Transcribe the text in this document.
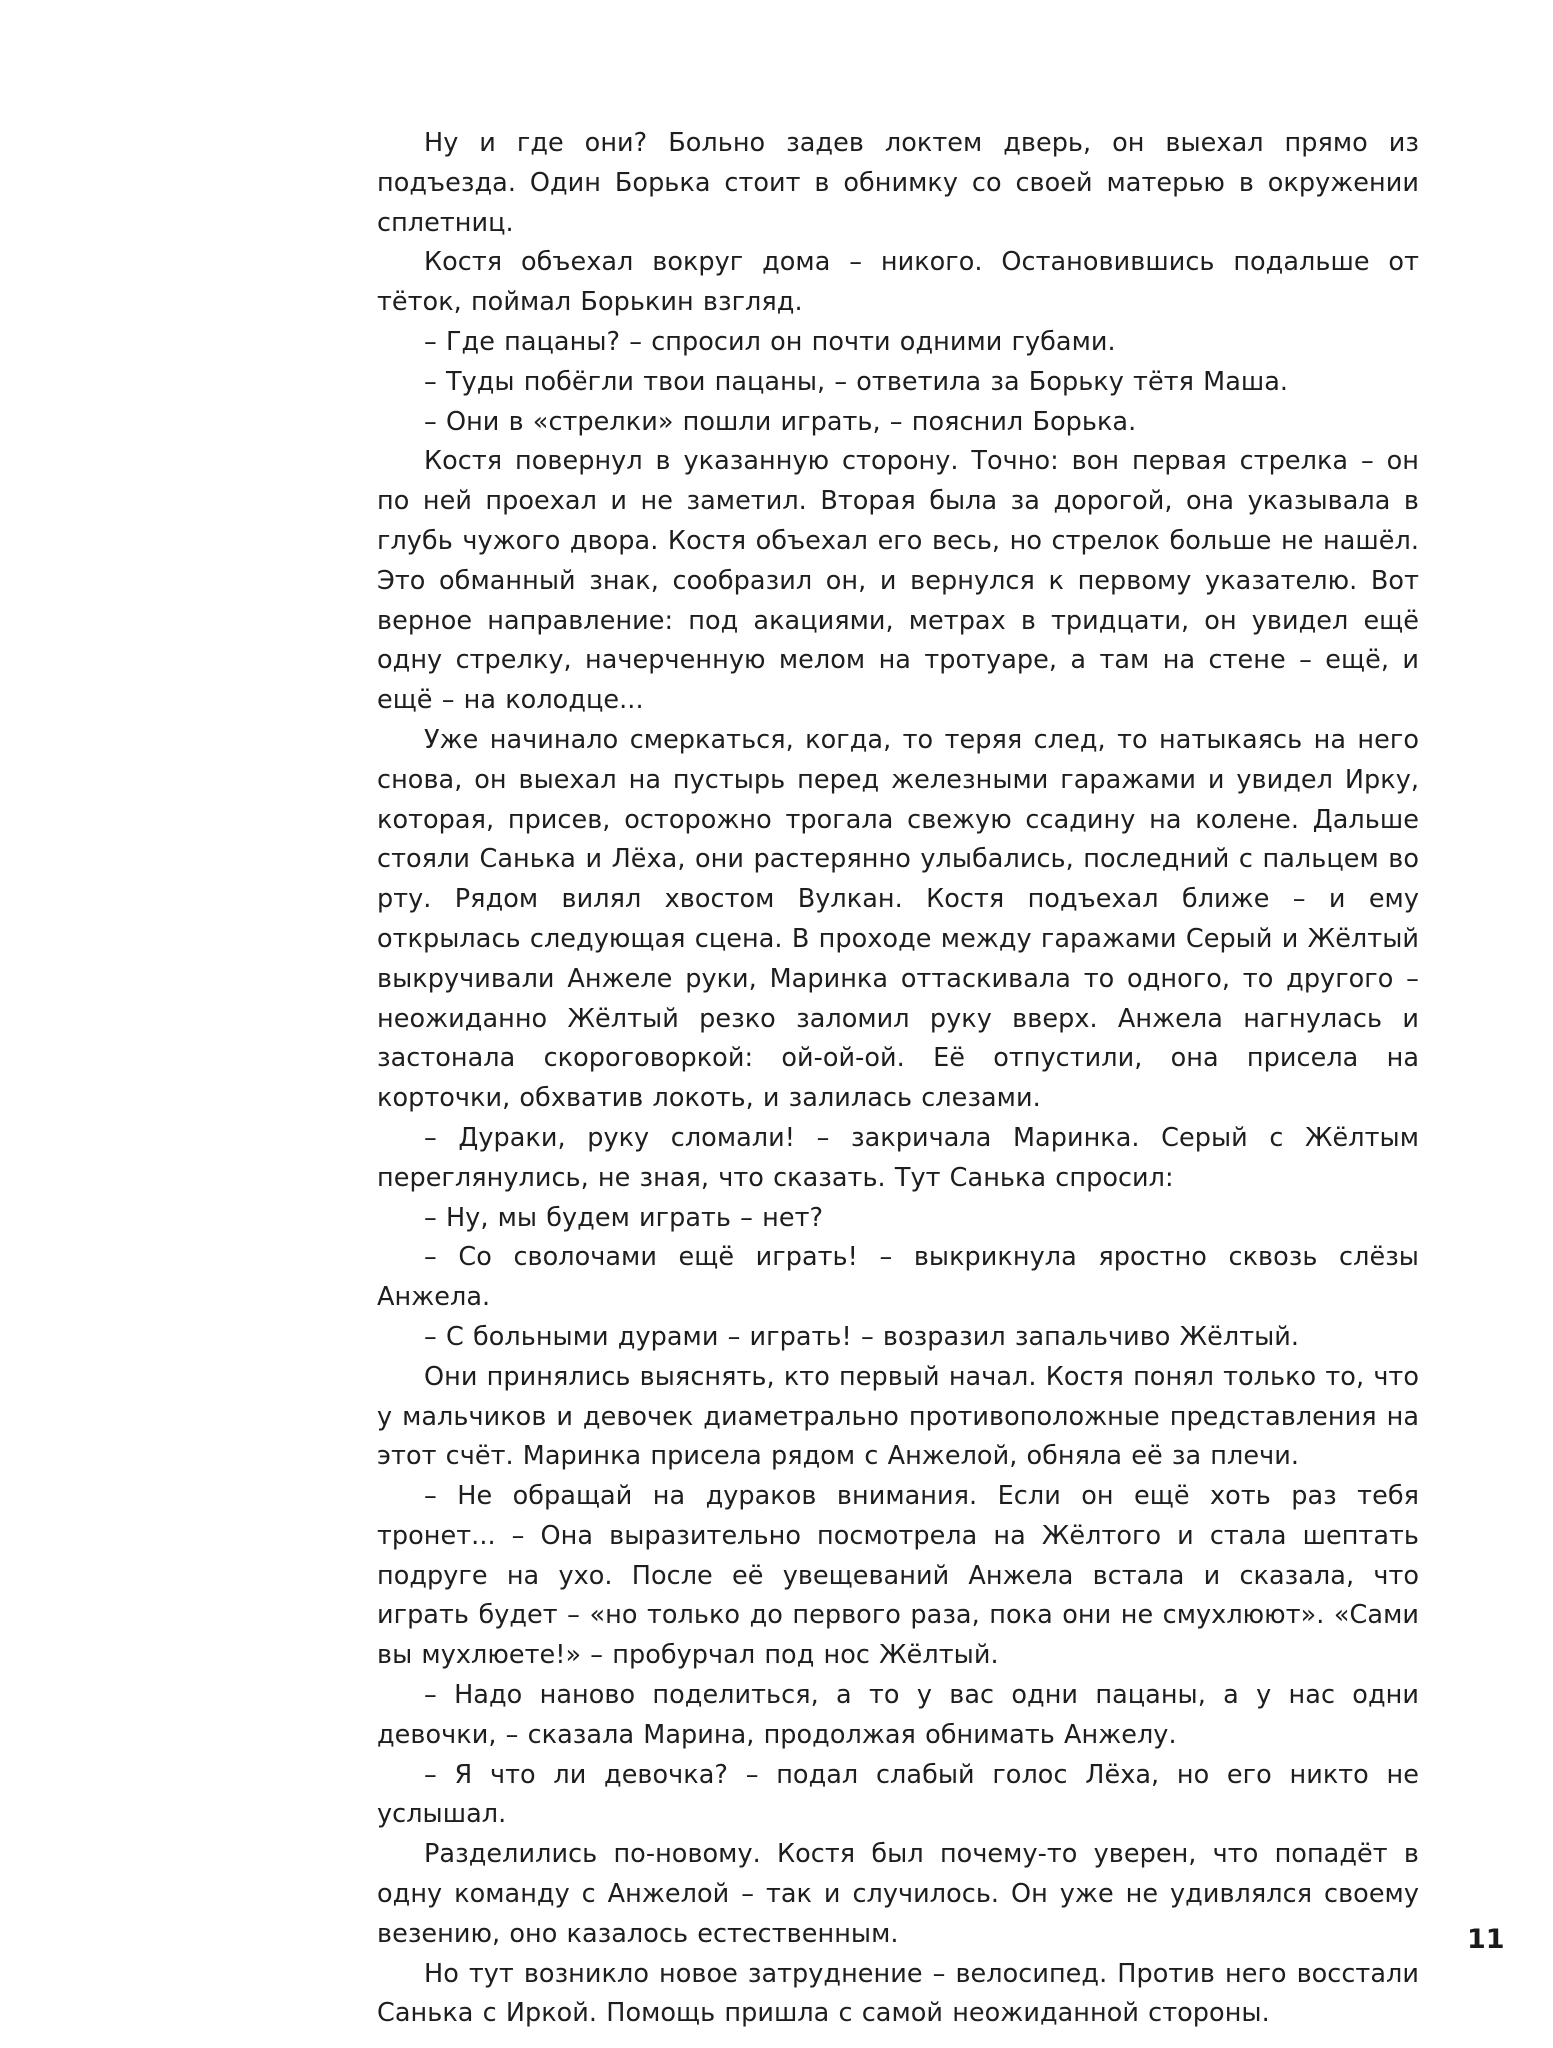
Ну и где они? Больно задев локтем дверь, он выехал прямо из подъезда. Один Борька стоит в обнимку со своей матерью в окружении сплетниц.

Костя объехал вокруг дома – никого. Остановившись подальше от тёток, поймал Борькин взгляд.

– Где пацаны? – спросил он почти одними губами.

– Туды побёгли твои пацаны, – ответила за Борьку тётя Маша.

– Они в «стрелки» пошли играть, – пояснил Борька.

Костя повернул в указанную сторону. Точно: вон первая стрелка – он по ней проехал и не заметил. Вторая была за дорогой, она указывала в глубь чужого двора. Костя объехал его весь, но стрелок больше не нашёл. Это обманный знак, сообразил он, и вернулся к первому указателю. Вот верное направление: под акациями, метрах в тридцати, он увидел ещё одну стрелку, начерченную мелом на тротуаре, а там на стене – ещё, и ещё – на колодце...

Уже начинало смеркаться, когда, то теряя след, то натыкаясь на него снова, он выехал на пустырь перед железными гаражами и увидел Ирку, которая, присев, осторожно трогала свежую ссадину на колене. Дальше стояли Санька и Лёха, они растерянно улыбались, последний с пальцем во рту. Рядом вилял хвостом Вулкан. Костя подъехал ближе – и ему открылась следующая сцена. В проходе между гаражами Серый и Жёлтый выкручивали Анжеле руки, Маринка оттаскивала то одного, то другого – неожиданно Жёлтый резко заломил руку вверх. Анжела нагнулась и застонала скороговоркой: ой-ой-ой. Её отпустили, она присела на корточки, обхватив локоть, и залилась слезами.

– Дураки, руку сломали! – закричала Маринка. Серый с Жёлтым переглянулись, не зная, что сказать. Тут Санька спросил:

– Ну, мы будем играть – нет?

– Со сволочами ещё играть! – выкрикнула яростно сквозь слёзы Анжела.

– С больными дурами – играть! – возразил запальчиво Жёлтый.

Они принялись выяснять, кто первый начал. Костя понял только то, что у мальчиков и девочек диаметрально противоположные представления на этот счёт. Маринка присела рядом с Анжелой, обняла её за плечи.

– Не обращай на дураков внимания. Если он ещё хоть раз тебя тронет... – Она выразительно посмотрела на Жёлтого и стала шептать подруге на ухо. После её увещеваний Анжела встала и сказала, что играть будет – «но только до первого раза, пока они не смухлюют». «Сами вы мухлюете!» – пробурчал под нос Жёлтый.

– Надо наново поделиться, а то у вас одни пацаны, а у нас одни девочки, – сказала Марина, продолжая обнимать Анжелу.

– Я что ли девочка? – подал слабый голос Лёха, но его никто не услышал.

Разделились по-новому. Костя был почему-то уверен, что попадёт в одну команду с Анжелой – так и случилось. Он уже не удивлялся своему везению, оно казалось естественным.

Но тут возникло новое затруднение – велосипед. Против него восстали Санька с Иркой. Помощь пришла с самой неожиданной стороны.

11
